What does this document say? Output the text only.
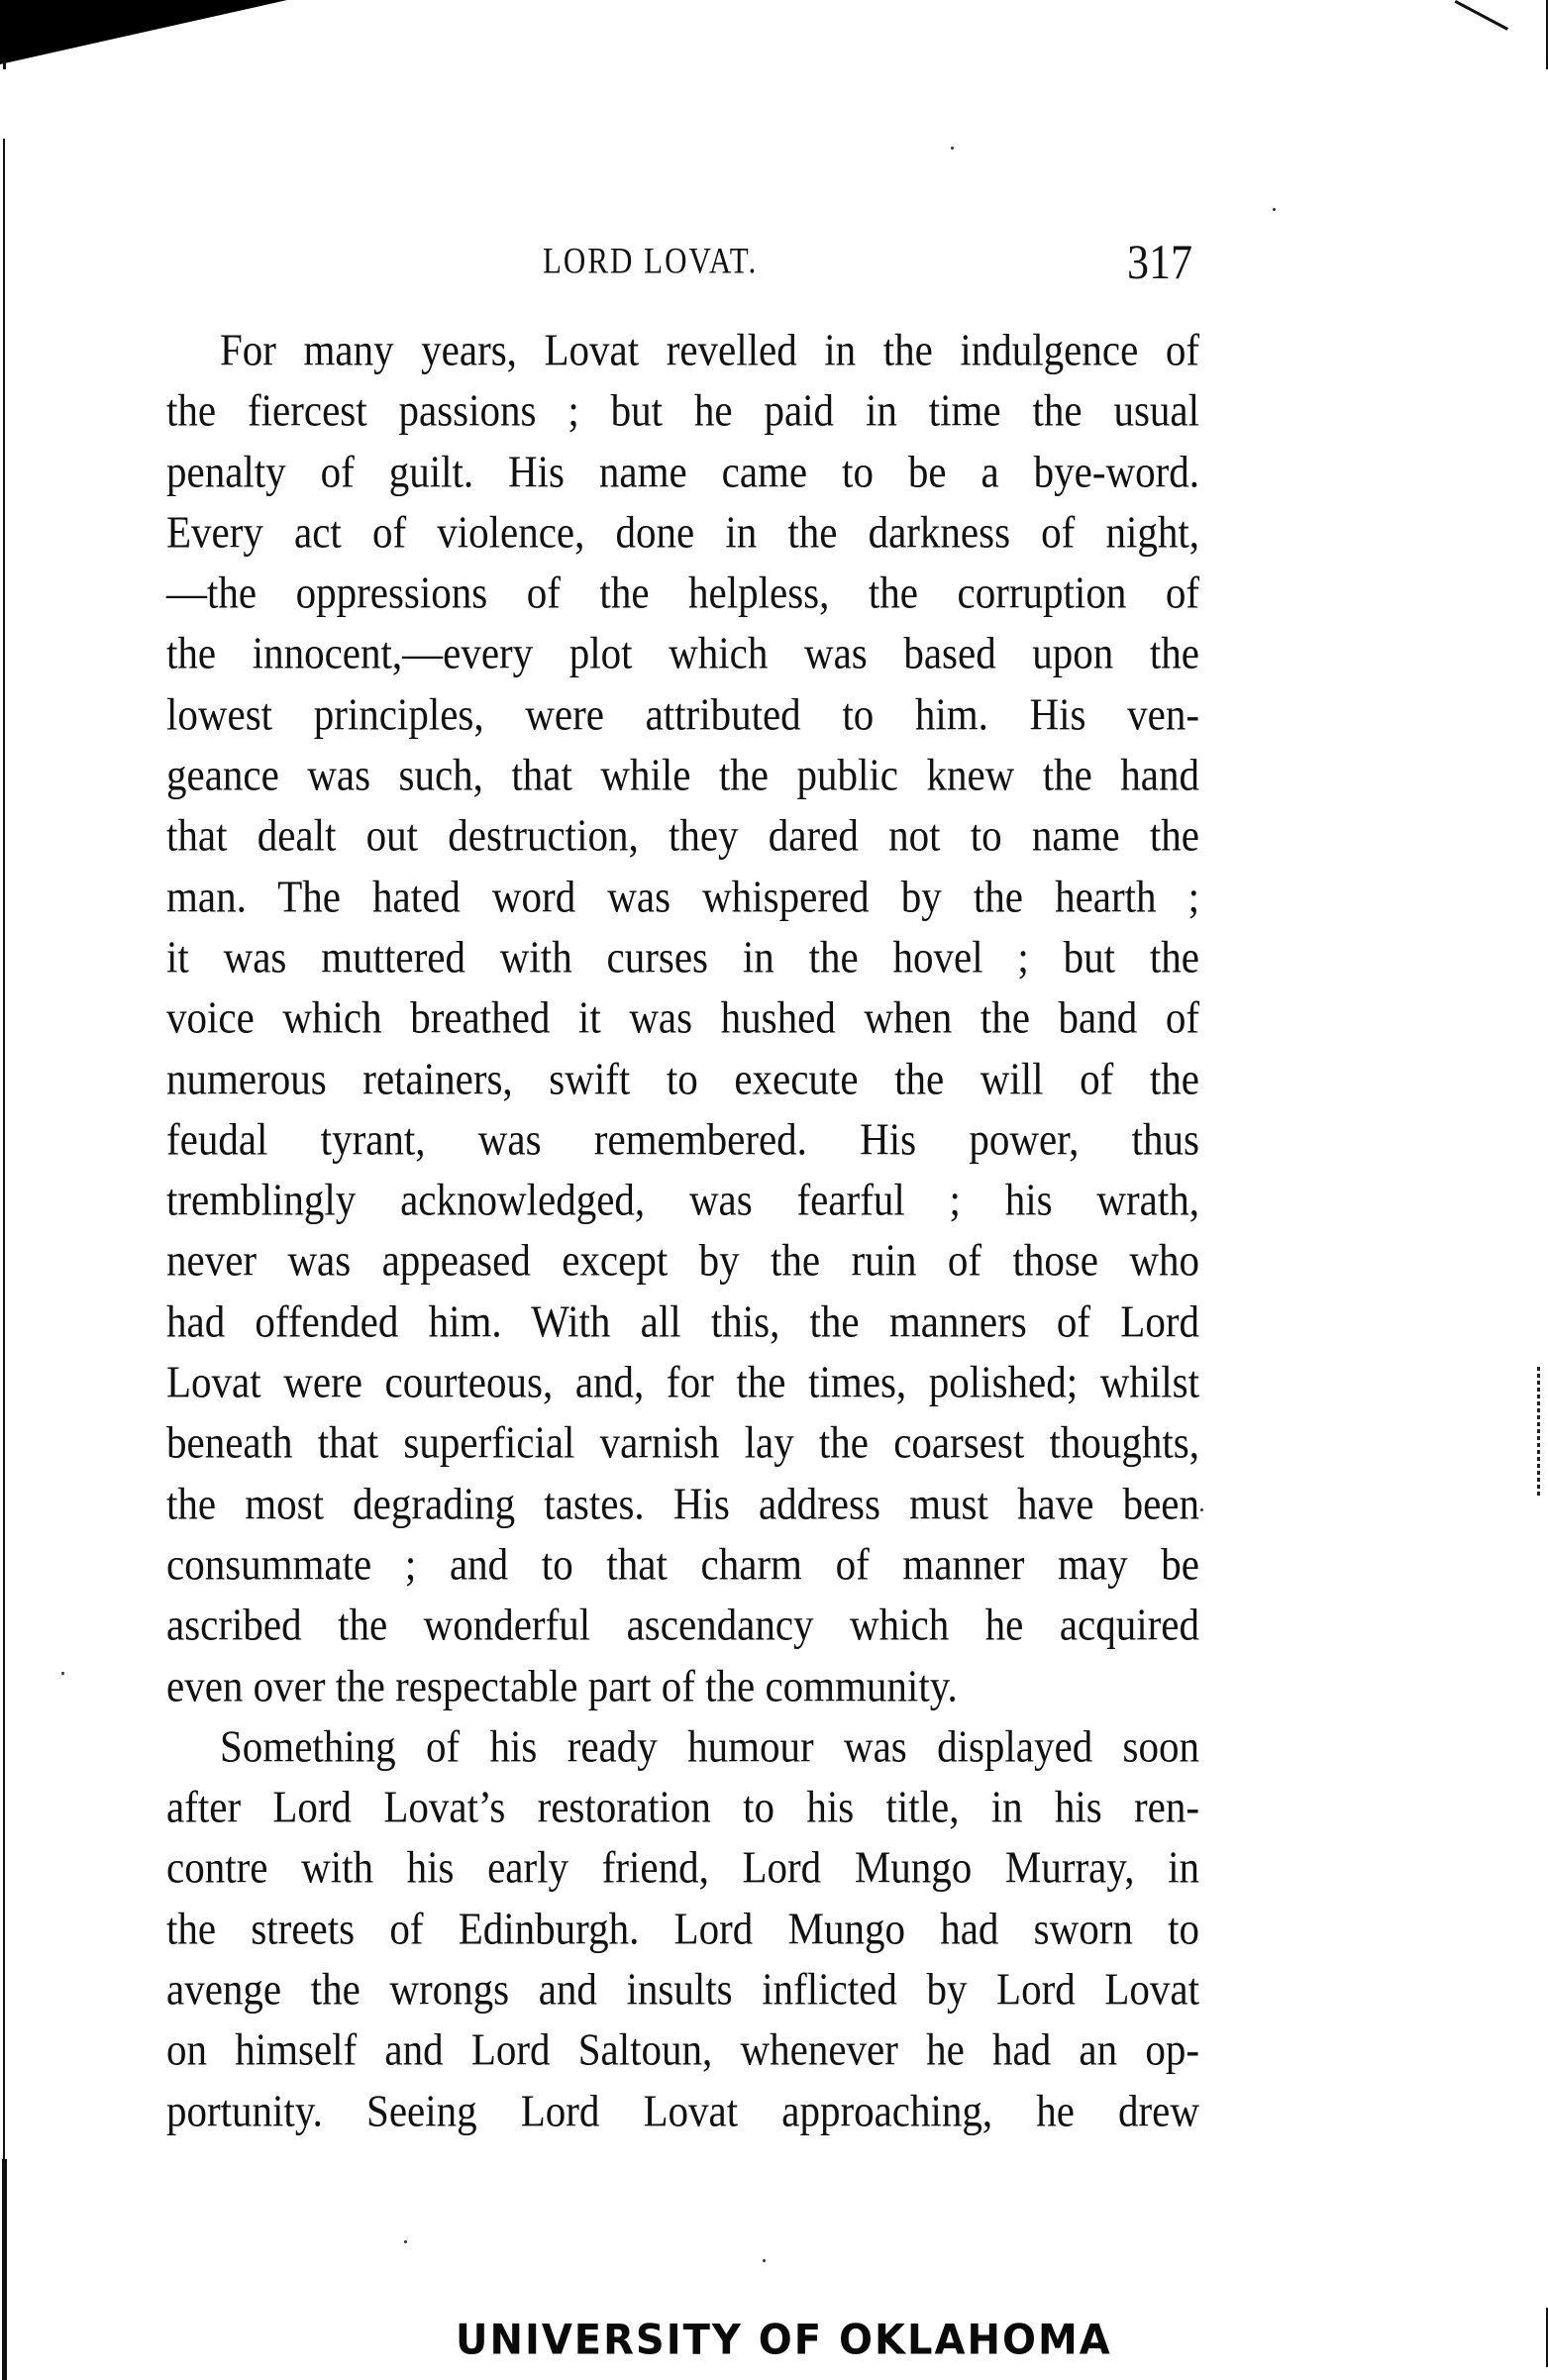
LORD LOVAT.	317
For many years, Lovat revelled in the indulgence of
the fiercest passions ; but he paid in time the usual
penalty of guilt. His name came to be a bye-word.
Every act of violence, done in the darkness of night,
—the oppressions of the helpless, the corruption of
the innocent,—every plot which was based upon the
lowest principles, were attributed to him. His ven-
geance was such, that while the public knew the hand
that dealt out destruction, they dared not to name the
man. The hated word was whispered by the hearth ;
it was muttered with curses in the hovel ; but the
voice which breathed it was hushed when the band of
numerous retainers, swift to execute the will of the
feudal tyrant, was remembered. His power, thus
tremblingly acknowledged, was fearful ; his wrath,
never was appeased except by the ruin of those who
had offended him. With all this, the manners of Lord
Lovat were courteous, and, for the times, polished; whilst
beneath that superficial varnish lay the coarsest thoughts,
the most degrading tastes. His address must have been
consummate ; and to that charm of manner may be
ascribed the wonderful ascendancy which he acquired
even over the respectable part of the community.
Something of his ready humour was displayed soon
after Lord Lovat’s restoration to his title, in his ren-
contre with his early friend, Lord Mungo Murray, in
the streets of Edinburgh. Lord Mungo had sworn to
avenge the wrongs and insults inflicted by Lord Lovat
on himself and Lord Saltoun, whenever he had an op-
portunity. Seeing Lord Lovat approaching, he drew
UNIVERSITY OF OKLAHOMA
